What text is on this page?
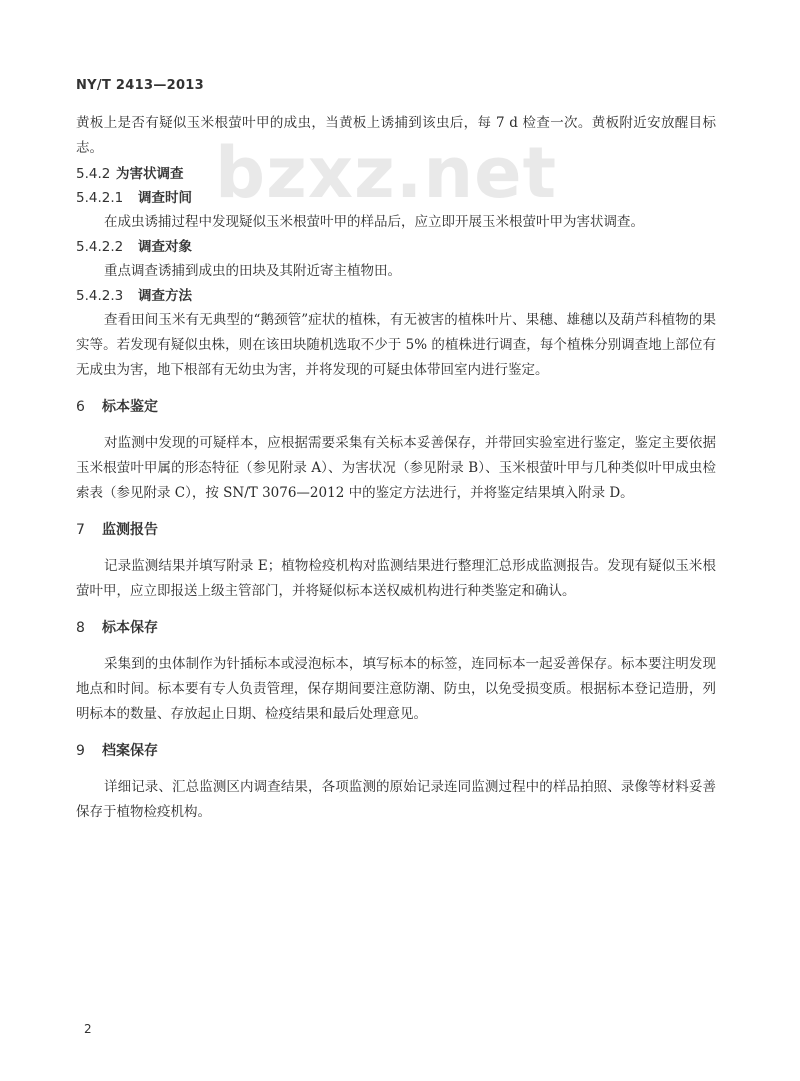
NY/T 2413—2013
bzxz.net

黄板上是否有疑似玉米根萤叶甲的成虫，当黄板上诱捕到该虫后，每 7 d 检查一次。黄板附近安放醒目标志。

5.4.2 为害状调查
5.4.2.1 调查时间

在成虫诱捕过程中发现疑似玉米根萤叶甲的样品后，应立即开展玉米根萤叶甲为害状调查。

5.4.2.2 调查对象

重点调查诱捕到成虫的田块及其附近寄主植物田。

5.4.2.3 调查方法

查看田间玉米有无典型的“鹅颈管”症状的植株，有无被害的植株叶片、果穗、雄穗以及葫芦科植物的果实等。若发现有疑似虫株，则在该田块随机选取不少于 5% 的植株进行调查，每个植株分别调查地上部位有无成虫为害，地下根部有无幼虫为害，并将发现的可疑虫体带回室内进行鉴定。

6 标本鉴定

对监测中发现的可疑样本，应根据需要采集有关标本妥善保存，并带回实验室进行鉴定，鉴定主要依据玉米根萤叶甲属的形态特征（参见附录 A）、为害状况（参见附录 B）、玉米根萤叶甲与几种类似叶甲成虫检索表（参见附录 C），按 SN/T 3076—2012 中的鉴定方法进行，并将鉴定结果填入附录 D。

7 监测报告

记录监测结果并填写附录 E；植物检疫机构对监测结果进行整理汇总形成监测报告。发现有疑似玉米根萤叶甲，应立即报送上级主管部门，并将疑似标本送权威机构进行种类鉴定和确认。

8 标本保存

采集到的虫体制作为针插标本或浸泡标本，填写标本的标签，连同标本一起妥善保存。标本要注明发现地点和时间。标本要有专人负责管理，保存期间要注意防潮、防虫，以免受损变质。根据标本登记造册，列明标本的数量、存放起止日期、检疫结果和最后处理意见。

9 档案保存

详细记录、汇总监测区内调查结果，各项监测的原始记录连同监测过程中的样品拍照、录像等材料妥善保存于植物检疫机构。

2
